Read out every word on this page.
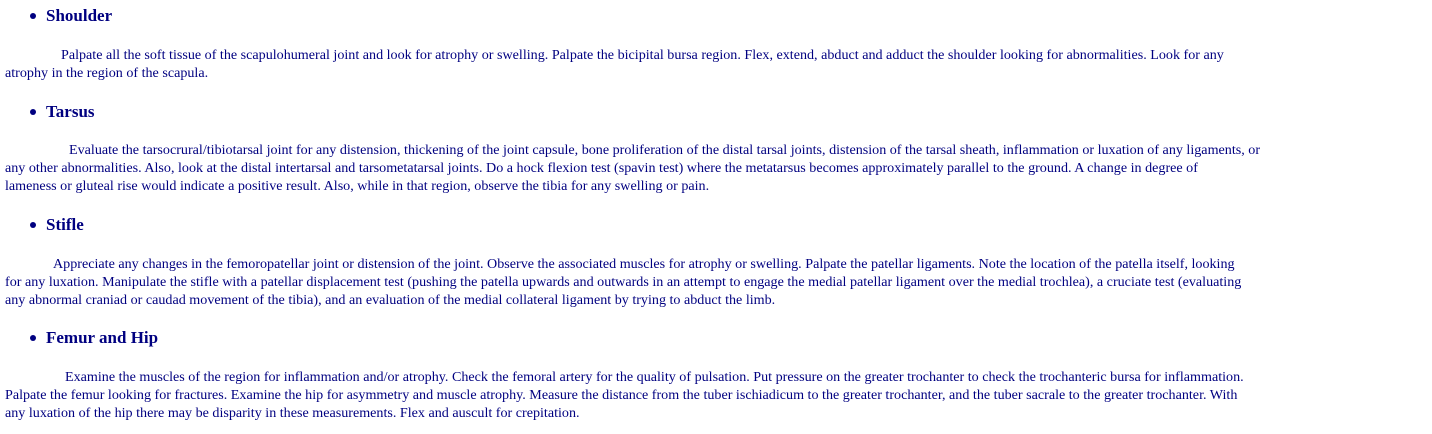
Shoulder

Palpate all the soft tissue of the scapulohumeral joint and look for atrophy or swelling. Palpate the bicipital bursa region. Flex, extend, abduct and adduct the shoulder looking for abnormalities. Look for any
atrophy in the region of the scapula.

Tarsus

Evaluate the tarsocrural/tibiotarsal joint for any distension, thickening of the joint capsule, bone proliferation of the distal tarsal joints, distension of the tarsal sheath, inflammation or luxation of any ligaments, or
any other abnormalities. Also, look at the distal intertarsal and tarsometatarsal joints. Do a hock flexion test (spavin test) where the metatarsus becomes approximately parallel to the ground. A change in degree of
lameness or gluteal rise would indicate a positive result. Also, while in that region, observe the tibia for any swelling or pain.

Stifle

Appreciate any changes in the femoropatellar joint or distension of the joint. Observe the associated muscles for atrophy or swelling. Palpate the patellar ligaments. Note the location of the patella itself, looking
for any luxation. Manipulate the stifle with a patellar displacement test (pushing the patella upwards and outwards in an attempt to engage the medial patellar ligament over the medial trochlea), a cruciate test (evaluating
any abnormal craniad or caudad movement of the tibia), and an evaluation of the medial collateral ligament by trying to abduct the limb.

Femur and Hip

Examine the muscles of the region for inflammation and/or atrophy. Check the femoral artery for the quality of pulsation. Put pressure on the greater trochanter to check the trochanteric bursa for inflammation.
Palpate the femur looking for fractures. Examine the hip for asymmetry and muscle atrophy. Measure the distance from the tuber ischiadicum to the greater trochanter, and the tuber sacrale to the greater trochanter. With
any luxation of the hip there may be disparity in these measurements. Flex and auscult for crepitation.
